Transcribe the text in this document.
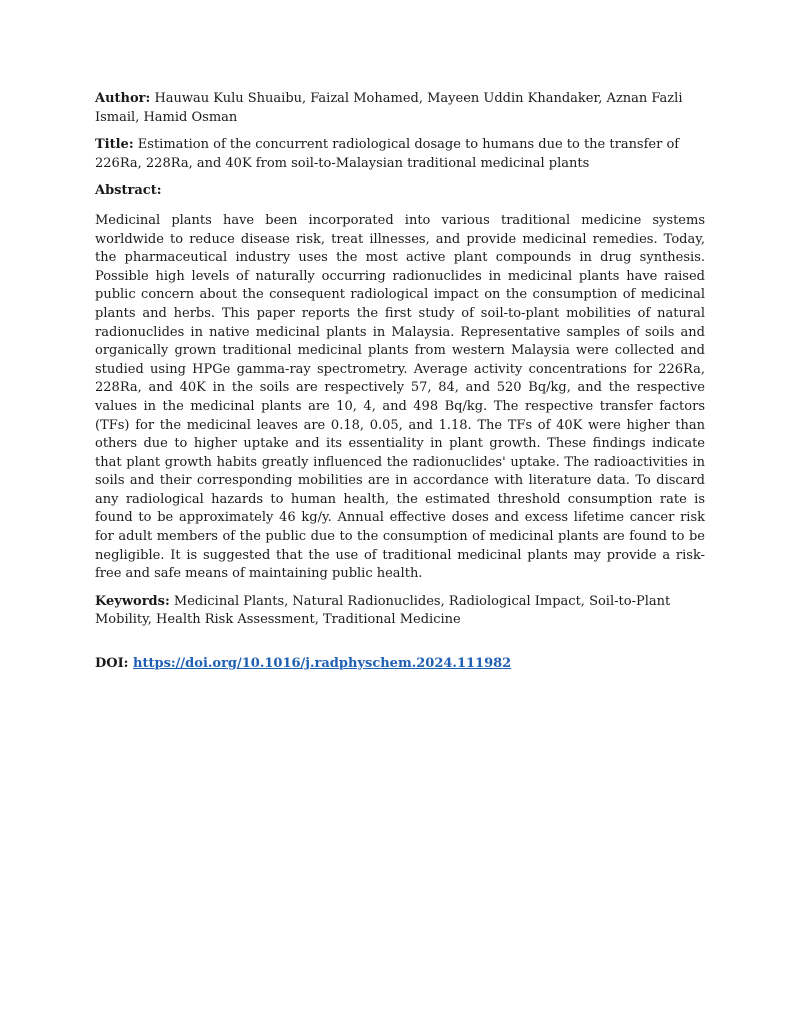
Author: Hauwau Kulu Shuaibu, Faizal Mohamed, Mayeen Uddin Khandaker, Aznan Fazli Ismail, Hamid Osman

Title: Estimation of the concurrent radiological dosage to humans due to the transfer of 226Ra, 228Ra, and 40K from soil-to-Malaysian traditional medicinal plants

Abstract:

Medicinal plants have been incorporated into various traditional medicine systems worldwide to reduce disease risk, treat illnesses, and provide medicinal remedies. Today, the pharmaceutical industry uses the most active plant compounds in drug synthesis. Possible high levels of naturally occurring radionuclides in medicinal plants have raised public concern about the consequent radiological impact on the consumption of medicinal plants and herbs. This paper reports the first study of soil-to-plant mobilities of natural radionuclides in native medicinal plants in Malaysia. Representative samples of soils and organically grown traditional medicinal plants from western Malaysia were collected and studied using HPGe gamma-ray spectrometry. Average activity concentrations for 226Ra, 228Ra, and 40K in the soils are respectively 57, 84, and 520 Bq/kg, and the respective values in the medicinal plants are 10, 4, and 498 Bq/kg. The respective transfer factors (TFs) for the medicinal leaves are 0.18, 0.05, and 1.18. The TFs of 40K were higher than others due to higher uptake and its essentiality in plant growth. These findings indicate that plant growth habits greatly influenced the radionuclides' uptake. The radioactivities in soils and their corresponding mobilities are in accordance with literature data. To discard any radiological hazards to human health, the estimated threshold consumption rate is found to be approximately 46 kg/y. Annual effective doses and excess lifetime cancer risk for adult members of the public due to the consumption of medicinal plants are found to be negligible. It is suggested that the use of traditional medicinal plants may provide a risk-free and safe means of maintaining public health.

Keywords: Medicinal Plants, Natural Radionuclides, Radiological Impact, Soil-to-Plant Mobility, Health Risk Assessment, Traditional Medicine

DOI: https://doi.org/10.1016/j.radphyschem.2024.111982
